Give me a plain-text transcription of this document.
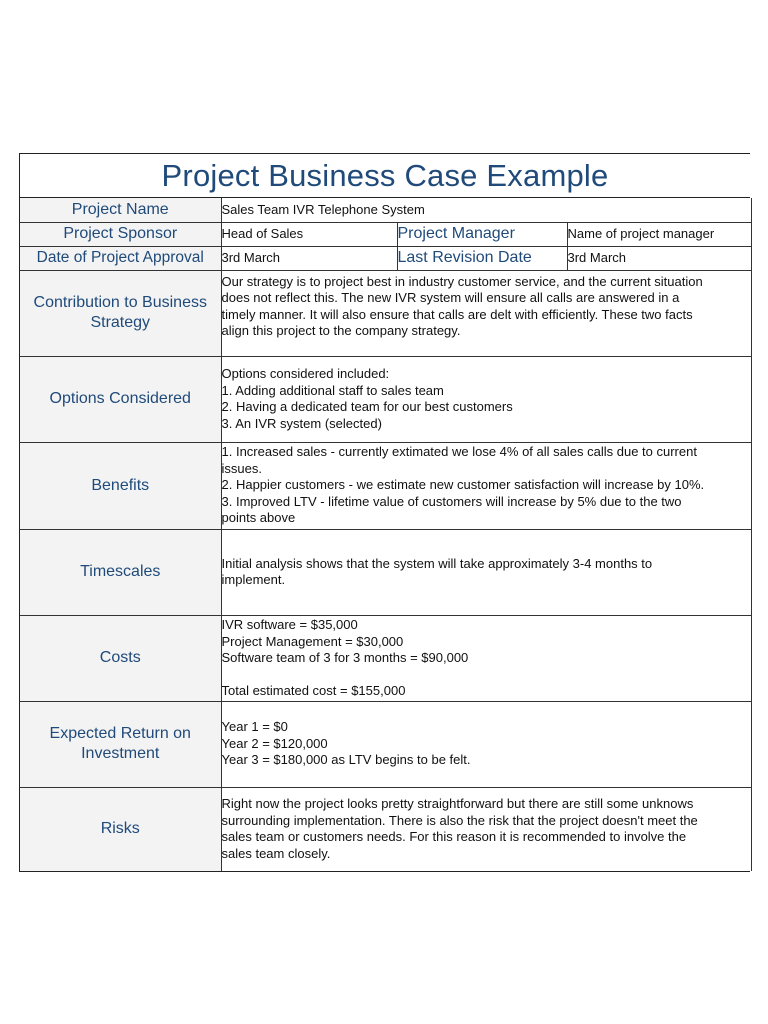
Project Business Case Example
Project Name	Sales Team IVR Telephone System		
Project Sponsor	Head of Sales	Project Manager	Name of project manager
Date of Project Approval	3rd March	Last Revision Date	3rd March

Contribution to Business
Strategy	Our strategy is to project best in industry customer service, and the current situation
does not reflect this. The new IVR system will ensure all calls are answered in a
timely manner. It will also ensure that calls are delt with efficiently. These two facts
align this project to the company strategy.		

Options Considered	Options considered included:
1. Adding additional staff to sales team
2. Having a dedicated team for our best customers
3. An IVR system (selected)		

Benefits	1. Increased sales - currently extimated we lose 4% of all sales calls due to current
issues.
2. Happier customers - we estimate new customer satisfaction will increase by 10%.
3. Improved LTV - lifetime value of customers will increase by 5% due to the two
points above		

Timescales	Initial analysis shows that the system will take approximately 3-4 months to
implement.		

Costs	IVR software = $35,000
Project Management = $30,000
Software team of 3 for 3 months = $90,000
Total estimated cost = $155,000		

Expected Return on
Investment	Year 1 = $0
Year 2 = $120,000
Year 3 = $180,000 as LTV begins to be felt.		

Risks	Right now the project looks pretty straightforward but there are still some unknows
surrounding implementation. There is also the risk that the project doesn't meet the
sales team or customers needs. For this reason it is recommended to involve the
sales team closely.		
